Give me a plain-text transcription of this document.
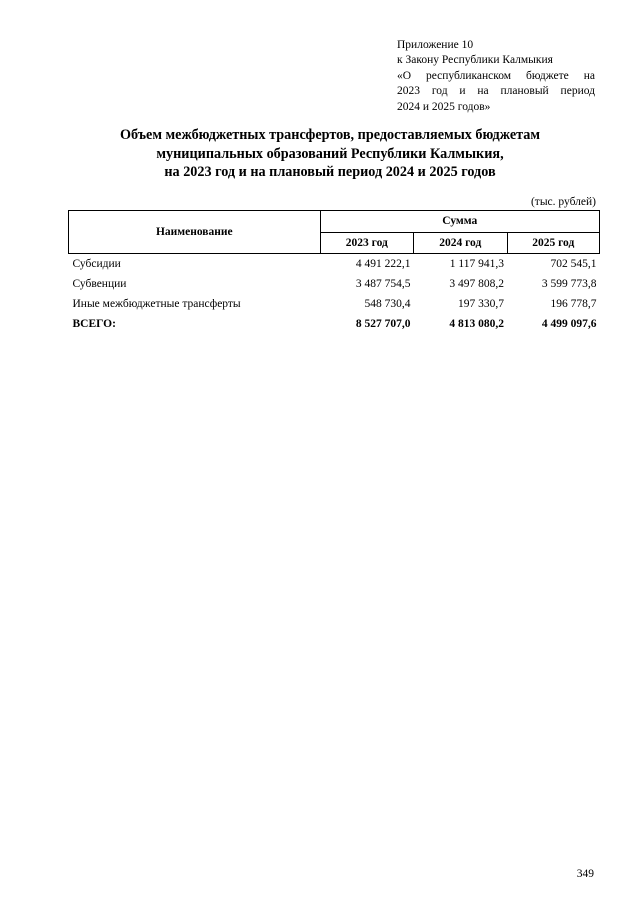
Приложение 10
к Закону Республики Калмыкия
«О республиканском бюджете на
2023 год и на плановый период
2024 и 2025 годов»
Объем межбюджетных трансфертов, предоставляемых бюджетам
муниципальных образований Республики Калмыкия,
на 2023 год и на плановый период 2024 и 2025 годов
(тыс. рублей)
Наименование	Сумма		
	2023 год	2024 год	2025 год
Субсидии	4 491 222,1	1 117 941,3	702 545,1
Субвенции	3 487 754,5	3 497 808,2	3 599 773,8
Иные межбюджетные трансферты	548 730,4	197 330,7	196 778,7
ВСЕГО:	8 527 707,0	4 813 080,2	4 499 097,6
349
